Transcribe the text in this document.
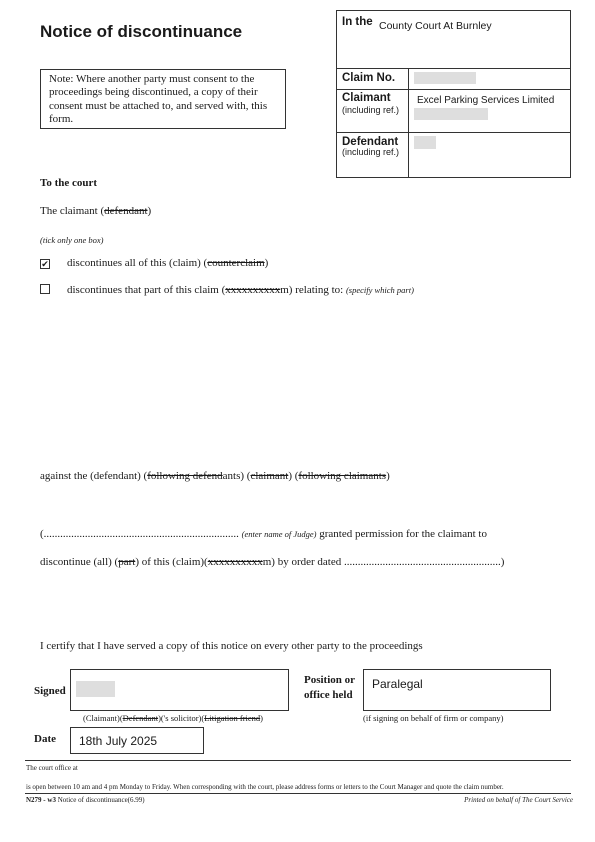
Notice of discontinuance
Note: Where another party must consent to the proceedings being discontinued, a copy of their consent must be attached to, and served with, this form.
In the County Court At Burnley
Claim No.
Claimant
(including ref.)
Excel Parking Services Limited
Defendant
(including ref.)
To the court
The claimant (defendant)
(tick only one box)
✔ discontinues all of this (claim) (counterclaim)
discontinues that part of this claim (xxxxxxxxxxm) relating to: (specify which part)
against the (defendant) (following defendants) (claimant) (following claimants)
(....................................................................... (enter name of Judge) granted permission for the claimant to
discontinue (all) (part) of this (claim)(xxxxxxxxxxm) by order dated .........................................................)
I certify that I have served a copy of this notice on every other party to the proceedings
Signed
(Claimant)(Defendant)('s solicitor)(Litigation friend)
Position or office held
Paralegal
(if signing on behalf of firm or company)
Date	18th July 2025
The court office at
is open between 10 am and 4 pm Monday to Friday. When corresponding with the court, please address forms or letters to the Court Manager and quote the claim number.
N279 - w3 Notice of discontinuance(6.99)	Printed on behalf of The Court Service
